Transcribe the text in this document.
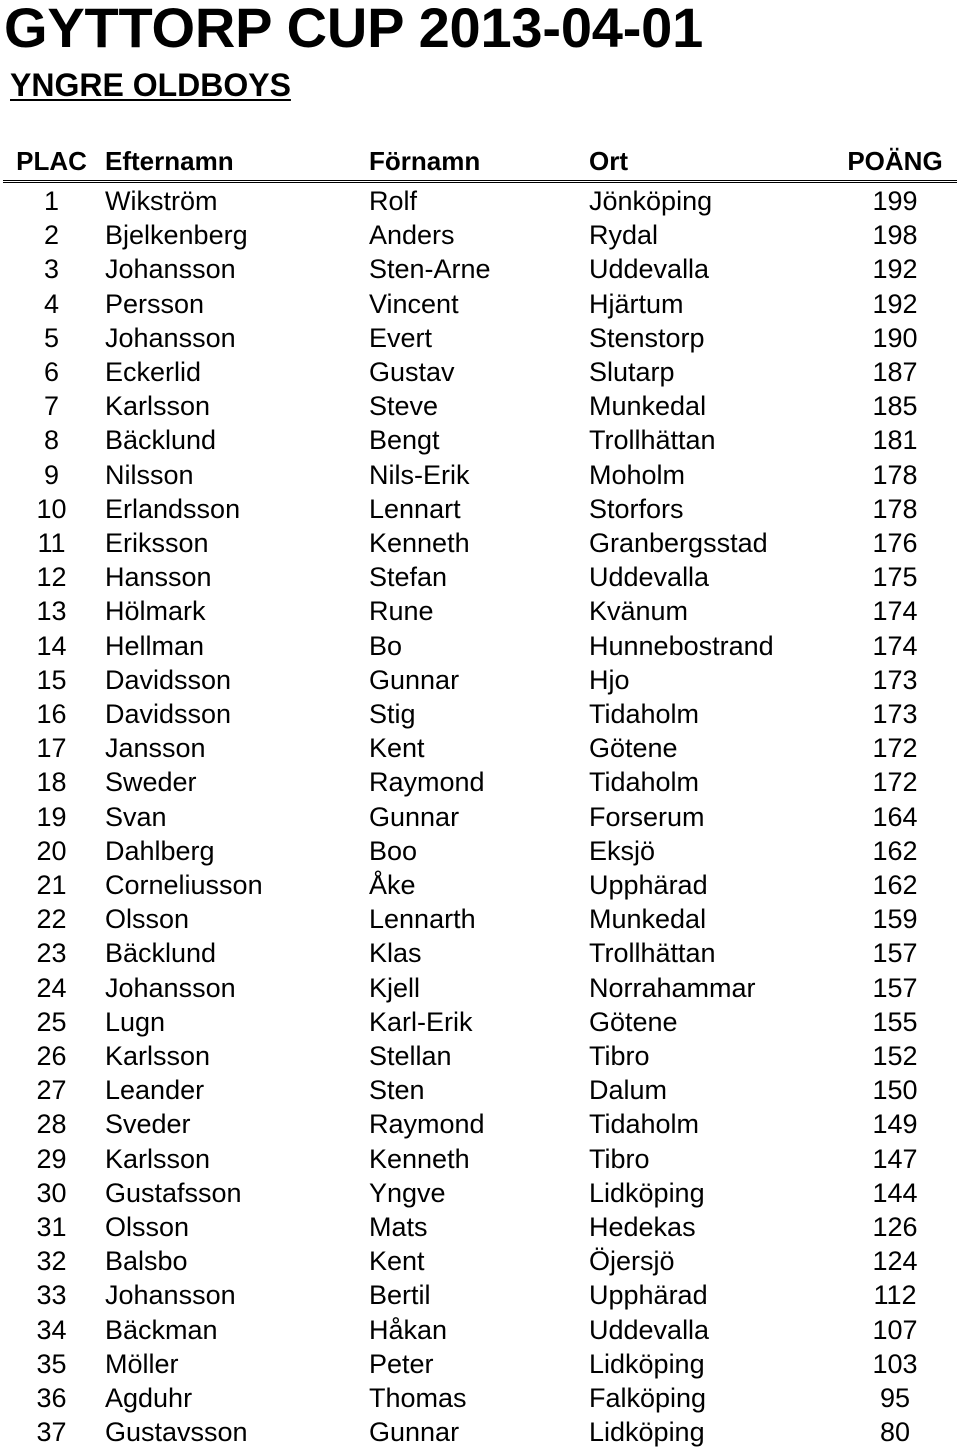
GYTTORP CUP 2013-04-01
YNGRE OLDBOYS
PLAC Efternamn	Förnamn	Ort	POÄNG
1	Wikström	Rolf	Jönköping	199
2	Bjelkenberg	Anders	Rydal	198
3	Johansson	Sten-Arne	Uddevalla	192
4	Persson	Vincent	Hjärtum	192
5	Johansson	Evert	Stenstorp	190
6	Eckerlid	Gustav	Slutarp	187
7	Karlsson	Steve	Munkedal	185
8	Bäcklund	Bengt	Trollhättan	181
9	Nilsson	Nils-Erik	Moholm	178
10	Erlandsson	Lennart	Storfors	178
11	Eriksson	Kenneth	Granbergsstad	176
12	Hansson	Stefan	Uddevalla	175
13	Hölmark	Rune	Kvänum	174
14	Hellman	Bo	Hunnebostrand	174
15	Davidsson	Gunnar	Hjo	173
16	Davidsson	Stig	Tidaholm	173
17	Jansson	Kent	Götene	172
18	Sweder	Raymond	Tidaholm	172
19	Svan	Gunnar	Forserum	164
20	Dahlberg	Boo	Eksjö	162
21	Corneliusson	Åke	Upphärad	162
22	Olsson	Lennarth	Munkedal	159
23	Bäcklund	Klas	Trollhättan	157
24	Johansson	Kjell	Norrahammar	157
25	Lugn	Karl-Erik	Götene	155
26	Karlsson	Stellan	Tibro	152
27	Leander	Sten	Dalum	150
28	Sveder	Raymond	Tidaholm	149
29	Karlsson	Kenneth	Tibro	147
30	Gustafsson	Yngve	Lidköping	144
31	Olsson	Mats	Hedekas	126
32	Balsbo	Kent	Öjersjö	124
33	Johansson	Bertil	Upphärad	112
34	Bäckman	Håkan	Uddevalla	107
35	Möller	Peter	Lidköping	103
36	Agduhr	Thomas	Falköping	95
37	Gustavsson	Gunnar	Lidköping	80
